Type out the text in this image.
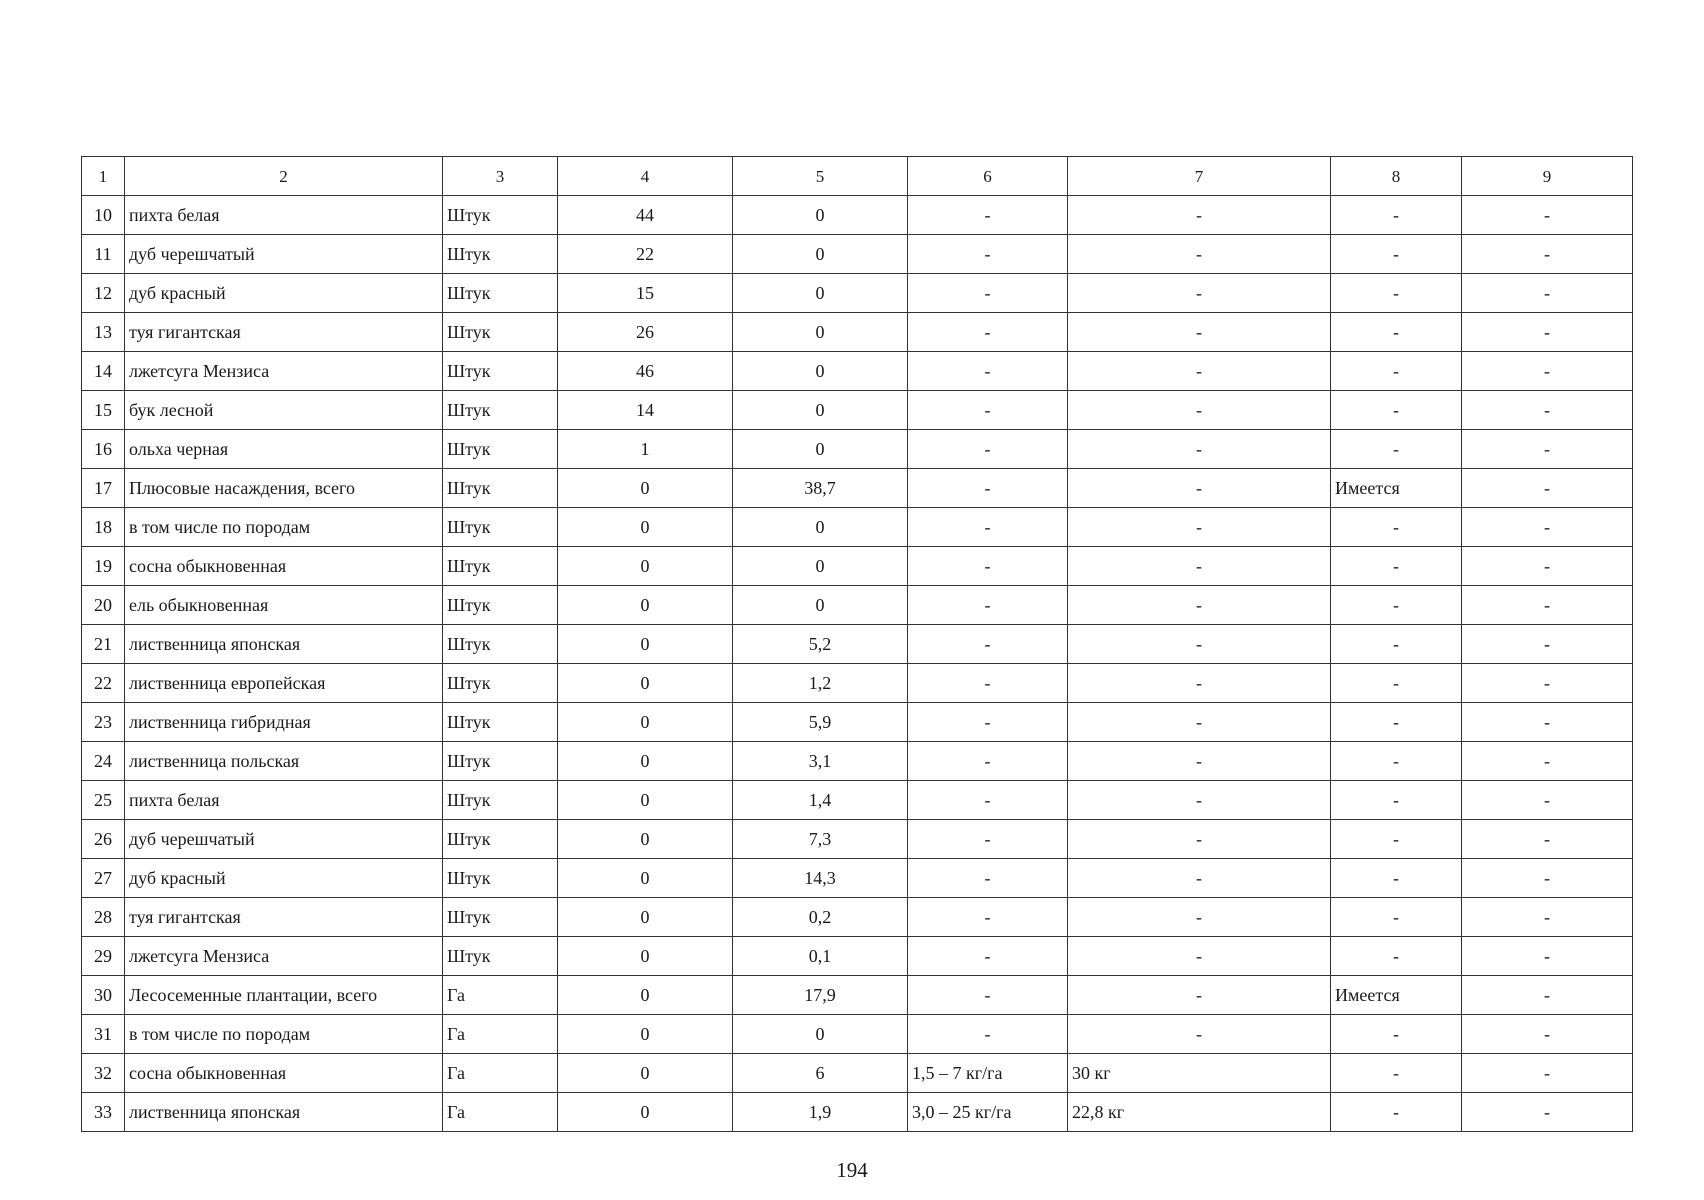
1	2	3	4	5	6	7	8	9
10	пихта белая	Штук	44	0	-	-	-	-
11	дуб черешчатый	Штук	22	0	-	-	-	-
12	дуб красный	Штук	15	0	-	-	-	-
13	туя гигантская	Штук	26	0	-	-	-	-
14	лжетсуга Мензиса	Штук	46	0	-	-	-	-
15	бук лесной	Штук	14	0	-	-	-	-
16	ольха черная	Штук	1	0	-	-	-	-
17	Плюсовые насаждения, всего	Штук	0	38,7	-	-	Имеется	-
18	в том числе по породам	Штук	0	0	-	-	-	-
19	сосна обыкновенная	Штук	0	0	-	-	-	-
20	ель обыкновенная	Штук	0	0	-	-	-	-
21	лиственница японская	Штук	0	5,2	-	-	-	-
22	лиственница европейская	Штук	0	1,2	-	-	-	-
23	лиственница гибридная	Штук	0	5,9	-	-	-	-
24	лиственница польская	Штук	0	3,1	-	-	-	-
25	пихта белая	Штук	0	1,4	-	-	-	-
26	дуб черешчатый	Штук	0	7,3	-	-	-	-
27	дуб красный	Штук	0	14,3	-	-	-	-
28	туя гигантская	Штук	0	0,2	-	-	-	-
29	лжетсуга Мензиса	Штук	0	0,1	-	-	-	-
30	Лесосеменные плантации, всего	Га	0	17,9	-	-	Имеется	-
31	в том числе по породам	Га	0	0	-	-	-	-
32	сосна обыкновенная	Га	0	6	1,5 – 7 кг/га	30 кг	-	-
33	лиственница японская	Га	0	1,9	3,0 – 25 кг/га	22,8 кг	-	-
194
